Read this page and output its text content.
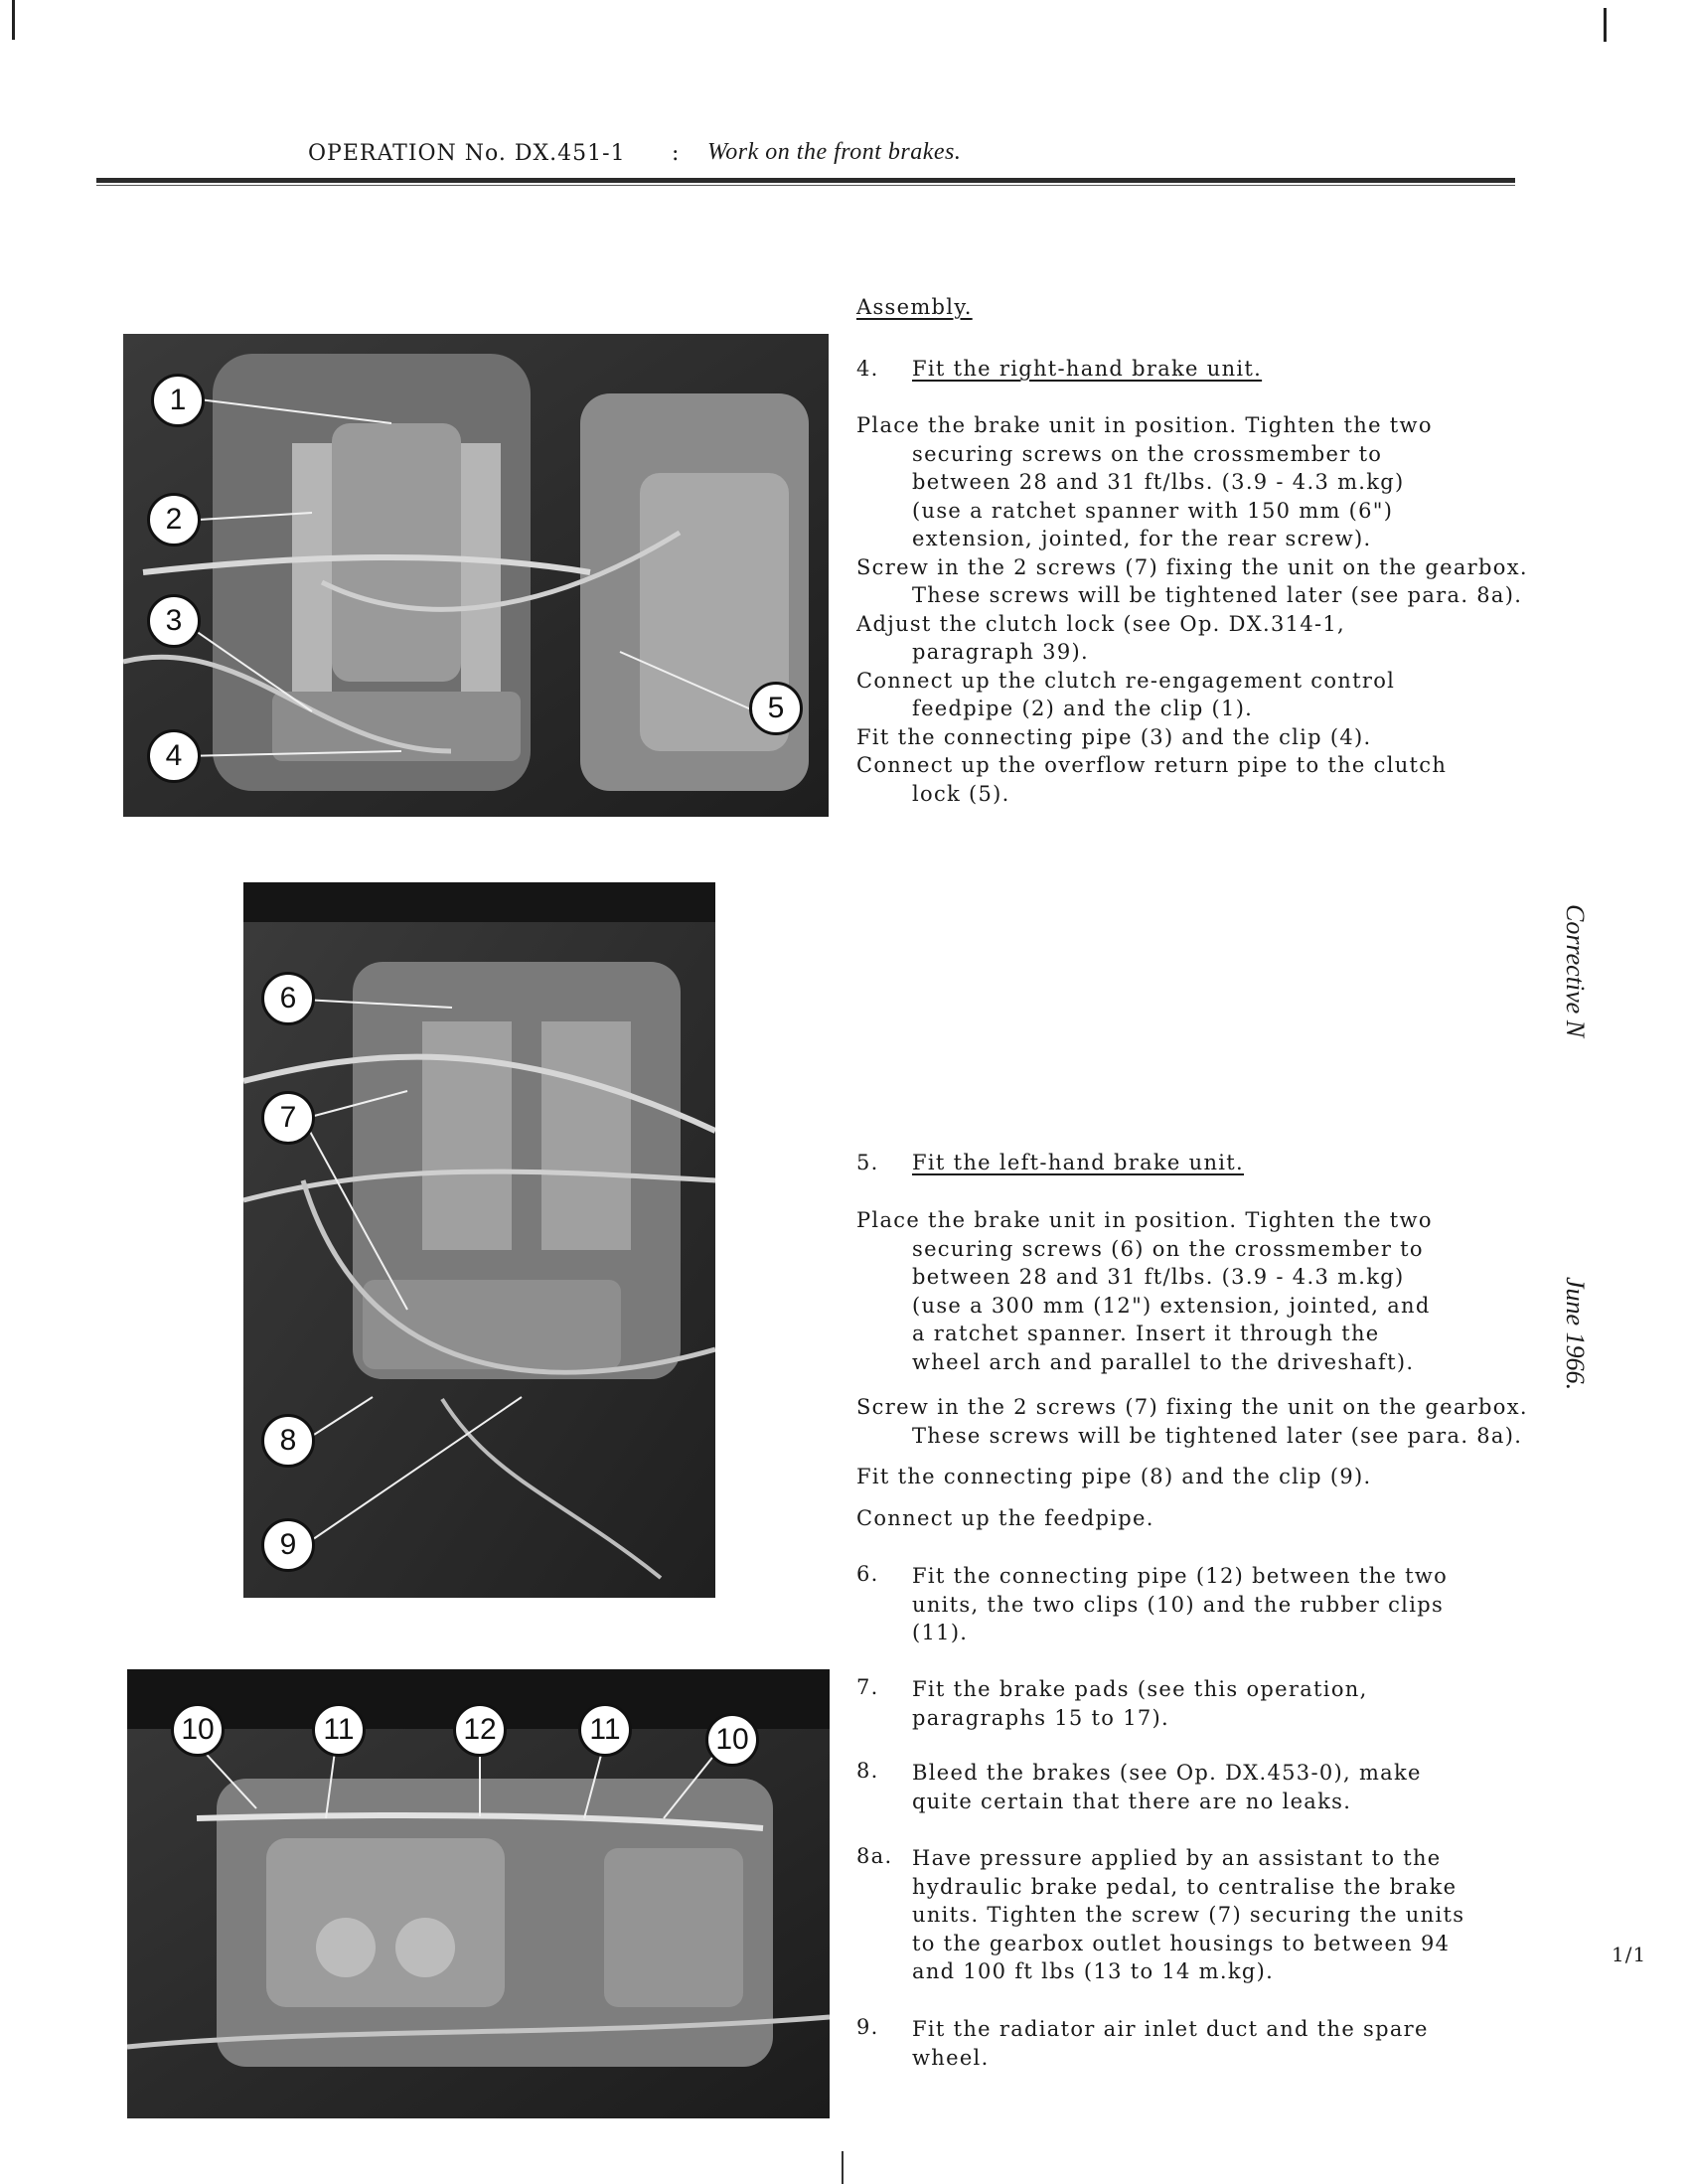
OPERATION No. DX.451-1 : Work on the front brakes.
Assembly.
4. Fit the right-hand brake unit.
Place the brake unit in position. Tighten the two
securing screws on the crossmember to
between 28 and 31 ft/lbs. (3.9 - 4.3 m.kg)
(use a ratchet spanner with 150 mm (6")
extension, jointed, for the rear screw).
Screw in the 2 screws (7) fixing the unit on the gearbox.
These screws will be tightened later (see para. 8a).
Adjust the clutch lock (see Op. DX.314-1,
paragraph 39).
Connect up the clutch re-engagement control
feedpipe (2) and the clip (1).
Fit the connecting pipe (3) and the clip (4).
Connect up the overflow return pipe to the clutch
lock (5).
5. Fit the left-hand brake unit.
Place the brake unit in position. Tighten the two
securing screws (6) on the crossmember to
between 28 and 31 ft/lbs. (3.9 - 4.3 m.kg)
(use a 300 mm (12") extension, jointed, and
a ratchet spanner. Insert it through the
wheel arch and parallel to the driveshaft).
Screw in the 2 screws (7) fixing the unit on the gearbox.
These screws will be tightened later (see para. 8a).
Fit the connecting pipe (8) and the clip (9).
Connect up the feedpipe.
6. Fit the connecting pipe (12) between the two
units, the two clips (10) and the rubber clips
(11).
7. Fit the brake pads (see this operation,
paragraphs 15 to 17).
8. Bleed the brakes (see Op. DX.453-0), make
quite certain that there are no leaks.
8a. Have pressure applied by an assistant to the
hydraulic brake pedal, to centralise the brake
units. Tighten the screw (7) securing the units
to the gearbox outlet housings to between 94
and 100 ft lbs (13 to 14 m.kg).
9. Fit the radiator air inlet duct and the spare
wheel.
1
2
3
4
5
6
7
8
9
10	11	12	11	10
Corrective N
June 1966.
1/1
